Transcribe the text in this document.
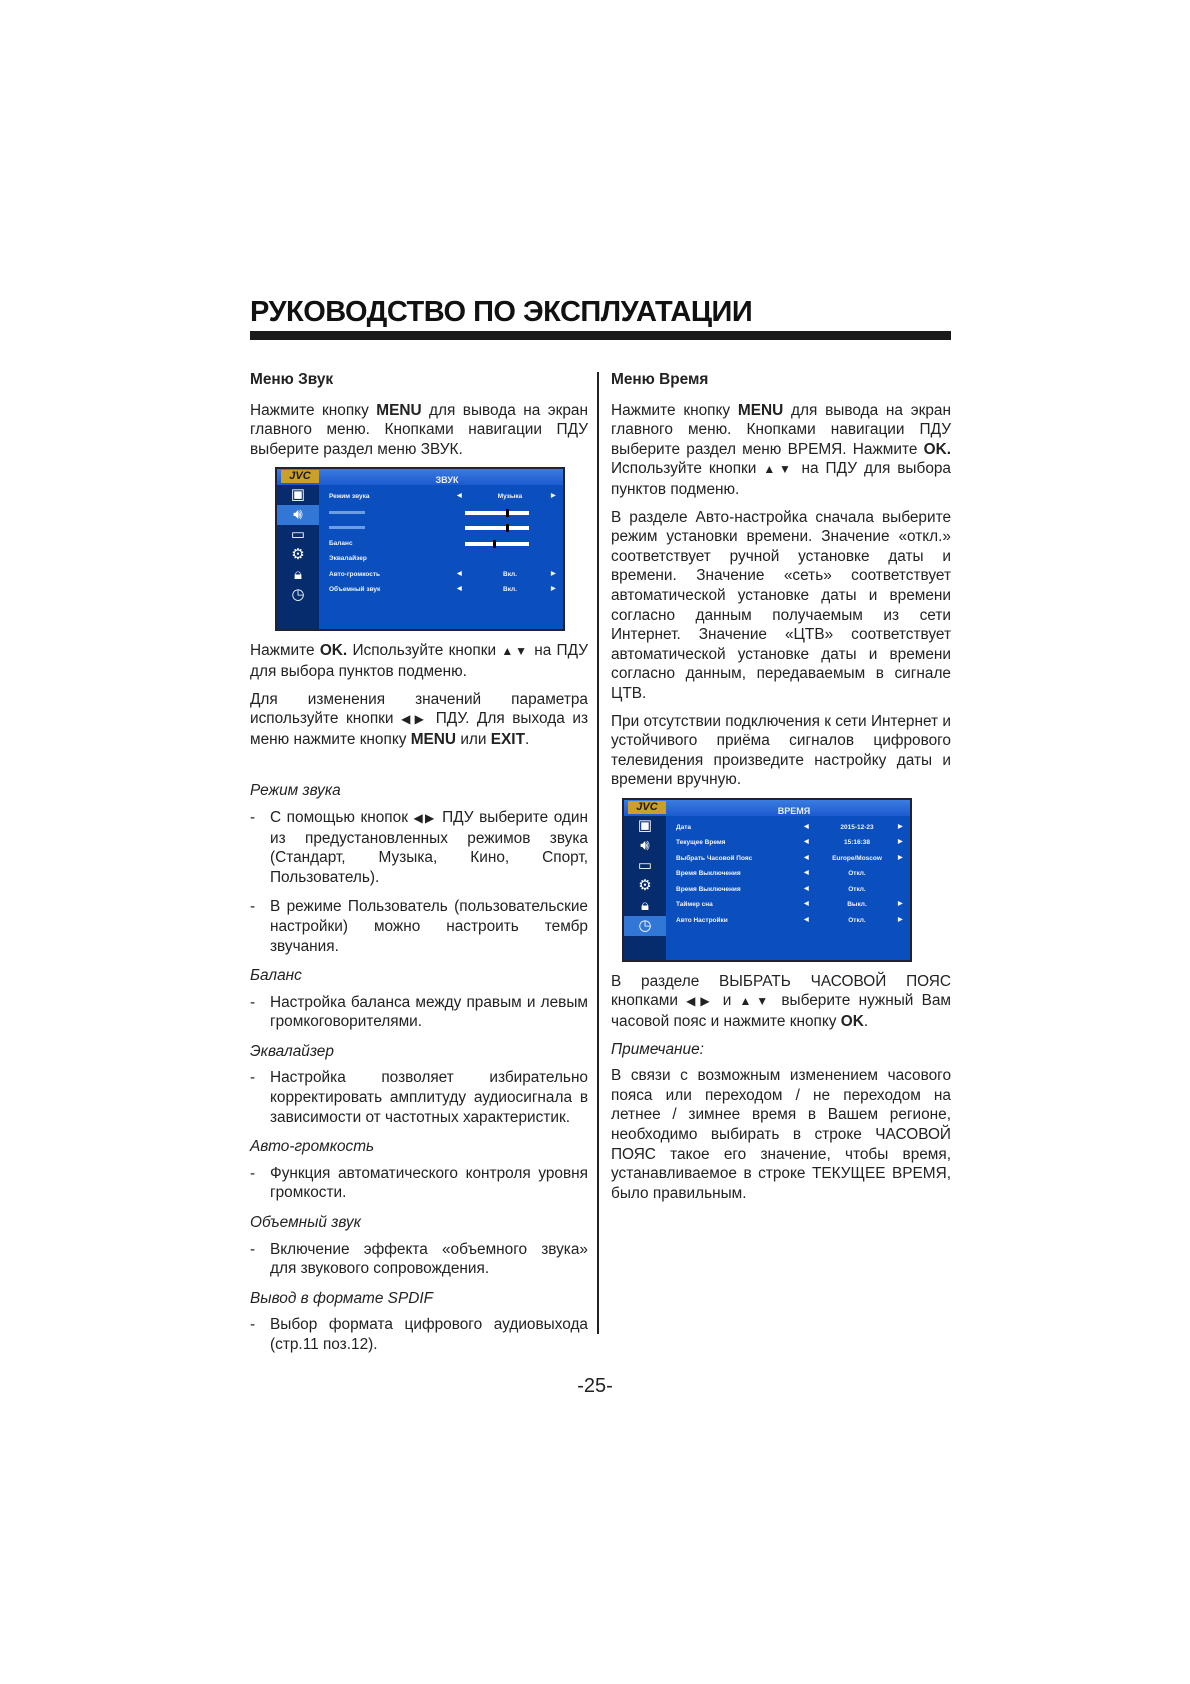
РУКОВОДСТВО ПО ЭКСПЛУАТАЦИИ

Меню Звук

Нажмите кнопку MENU для вывода на экран главного меню. Кнопками навигации ПДУ выберите раздел меню ЗВУК.

JVC	ЗВУК
▣
🔊︎
▭
⚙
🔒︎
◷
Режим звука	◀	Музыка	▶
Баланс
Эквалайзер
Авто-громкость	◀	Вкл.	▶
Объемный звук	◀	Вкл.	▶

Нажмите OK. Используйте кнопки ▲▼ на ПДУ для выбора пунктов подменю.

Для изменения значений параметра используйте кнопки ◀▶ ПДУ. Для выхода из меню нажмите кнопку MENU или EXIT.

Режим звука

- С помощью кнопок ◀▶ ПДУ выберите один из предустановленных режимов звука (Стандарт, Музыка, Кино, Спорт, Пользователь).
- В режиме Пользователь (пользовательские настройки) можно настроить тембр звучания.

Баланс

- Настройка баланса между правым и левым громкоговорителями.

Эквалайзер

- Настройка позволяет избирательно корректировать амплитуду аудиосигнала в зависимости от частотных характеристик.

Авто-громкость

- Функция автоматического контроля уровня громкости.

Объемный звук

- Включение эффекта «объемного звука» для звукового сопровождения.

Вывод в формате SPDIF

- Выбор формата цифрового аудиовыхода (стр.11 поз.12).

Меню Время

Нажмите кнопку MENU для вывода на экран главного меню. Кнопками навигации ПДУ выберите раздел меню ВРЕМЯ. Нажмите OK. Используйте кнопки ▲▼ на ПДУ для выбора пунктов подменю.

В разделе Авто-настройка сначала выберите режим установки времени. Значение «откл.» соответствует ручной установке даты и времени. Значение «сеть» соответствует автоматической установке даты и времени согласно данным получаемым из сети Интернет. Значение «ЦТВ» соответствует автоматической установке даты и времени согласно данным, передаваемым в сигнале ЦТВ.

При отсутствии подключения к сети Интернет и устойчивого приёма сигналов цифрового телевидения произведите настройку даты и времени вручную.

JVC	ВРЕМЯ
▣
🔊︎
▭
⚙
🔒︎
◷
Дата	◀	2015-12-23	▶
Текущее Время	◀	15:16:38	▶
Выбрать Часовой Пояс	◀	Europe/Moscow	▶
Время Выключения	◀	Откл.
Время Выключения	◀	Откл.
Таймер сна	◀	Выкл.	▶
Авто Настройки	◀	Откл.	▶

В разделе ВЫБРАТЬ ЧАСОВОЙ ПОЯС кнопками ◀▶ и ▲▼ выберите нужный Вам часовой пояс и нажмите кнопку OK.

Примечание:

В связи с возможным изменением часового пояса или переходом / не переходом на летнее / зимнее время в Вашем регионе, необходимо выбирать в строке ЧАСОВОЙ ПОЯС такое его значение, чтобы время, устанавливаемое в строке ТЕКУЩЕЕ ВРЕМЯ, было правильным.

-25-
